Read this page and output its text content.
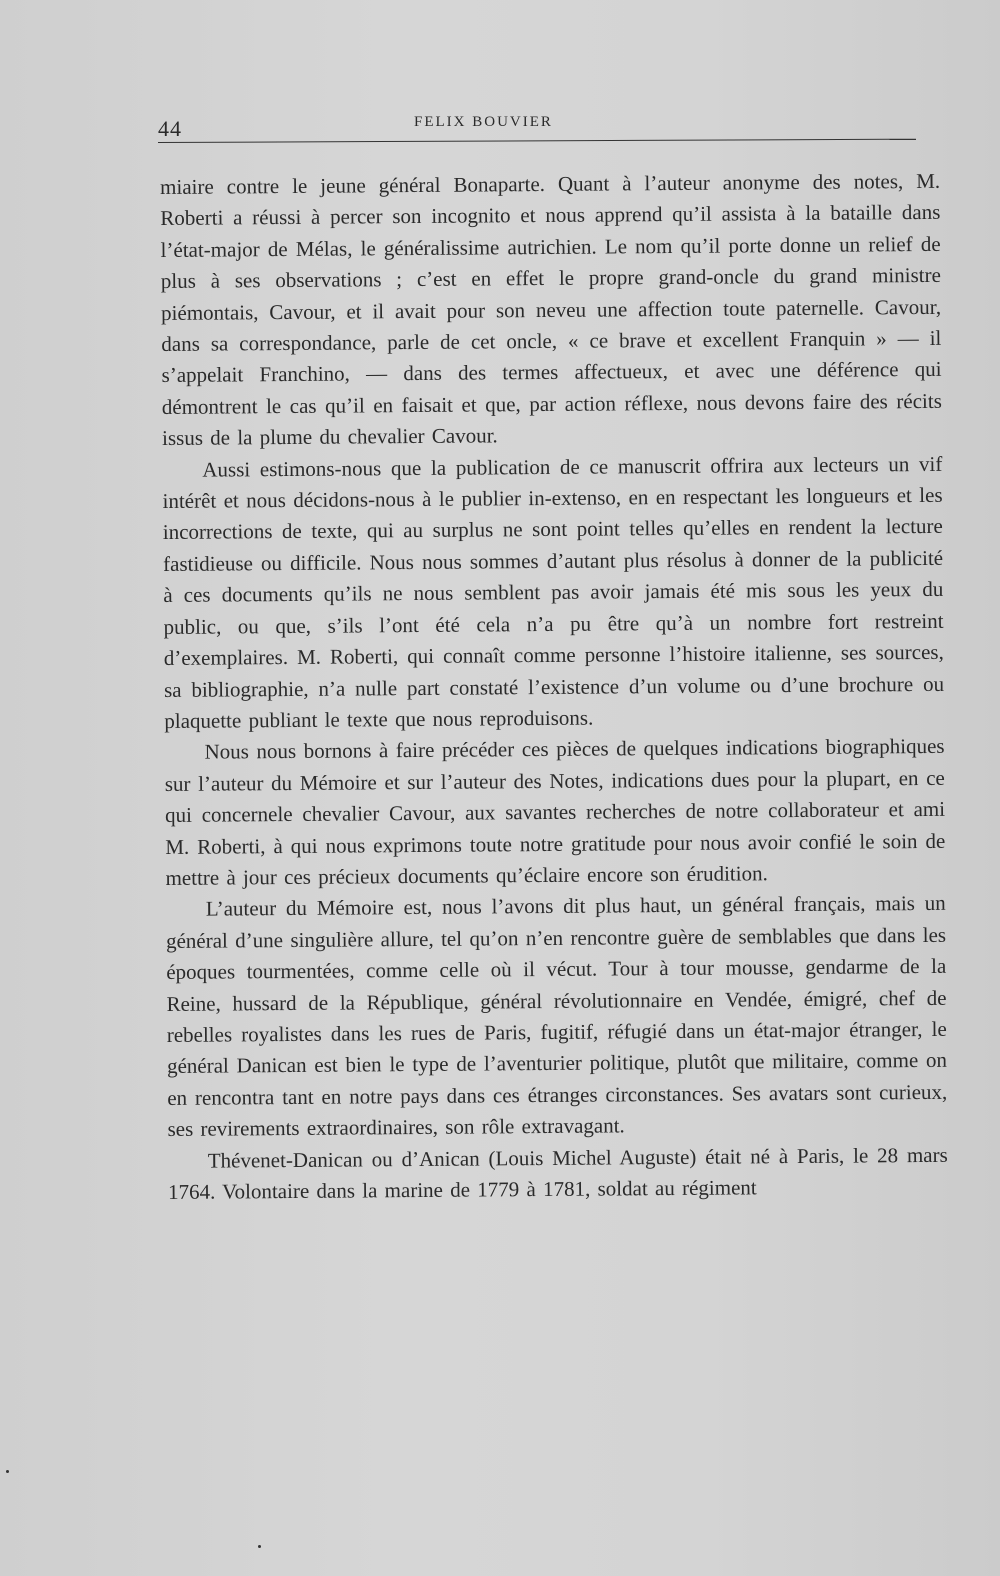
44	FELIX BOUVIER

miaire contre le jeune général Bonaparte. Quant à l’auteur anonyme des notes, M. Roberti a réussi à percer son incognito et nous apprend qu’il assista à la bataille dans l’état-major de Mélas, le généralissime autrichien. Le nom qu’il porte donne un relief de plus à ses observations ; c’est en effet le propre grand-oncle du grand ministre piémontais, Cavour, et il avait pour son neveu une affection toute paternelle. Cavour, dans sa correspondance, parle de cet oncle, « ce brave et excellent Franquin » — il s’appelait Franchino, — dans des termes affectueux, et avec une déférence qui démontrent le cas qu’il en faisait et que, par action réflexe, nous devons faire des récits issus de la plume du chevalier Cavour.

Aussi estimons-nous que la publication de ce manuscrit offrira aux lecteurs un vif intérêt et nous décidons-nous à le publier in-extenso, en en respectant les longueurs et les incorrections de texte, qui au surplus ne sont point telles qu’elles en rendent la lecture fastidieuse ou difficile. Nous nous sommes d’autant plus résolus à donner de la publicité à ces documents qu’ils ne nous semblent pas avoir jamais été mis sous les yeux du public, ou que, s’ils l’ont été cela n’a pu être qu’à un nombre fort restreint d’exemplaires. M. Roberti, qui connaît comme personne l’histoire italienne, ses sources, sa bibliographie, n’a nulle part constaté l’existence d’un volume ou d’une brochure ou plaquette publiant le texte que nous reproduisons.

Nous nous bornons à faire précéder ces pièces de quelques indications biographiques sur l’auteur du Mémoire et sur l’auteur des Notes, indications dues pour la plupart, en ce qui concernele chevalier Cavour, aux savantes recherches de notre collaborateur et ami M. Roberti, à qui nous exprimons toute notre gratitude pour nous avoir confié le soin de mettre à jour ces précieux documents qu’éclaire encore son érudition.

L’auteur du Mémoire est, nous l’avons dit plus haut, un général français, mais un général d’une singulière allure, tel qu’on n’en rencontre guère de semblables que dans les époques tourmentées, comme celle où il vécut. Tour à tour mousse, gendarme de la Reine, hussard de la République, général révolutionnaire en Vendée, émigré, chef de rebelles royalistes dans les rues de Paris, fugitif, réfugié dans un état-major étranger, le général Danican est bien le type de l’aventurier politique, plutôt que militaire, comme on en rencontra tant en notre pays dans ces étranges circonstances. Ses avatars sont curieux, ses revirements extraordinaires, son rôle extravagant.

Thévenet-Danican ou d’Anican (Louis Michel Auguste) était né à Paris, le 28 mars 1764. Volontaire dans la marine de 1779 à 1781, soldat au régiment
